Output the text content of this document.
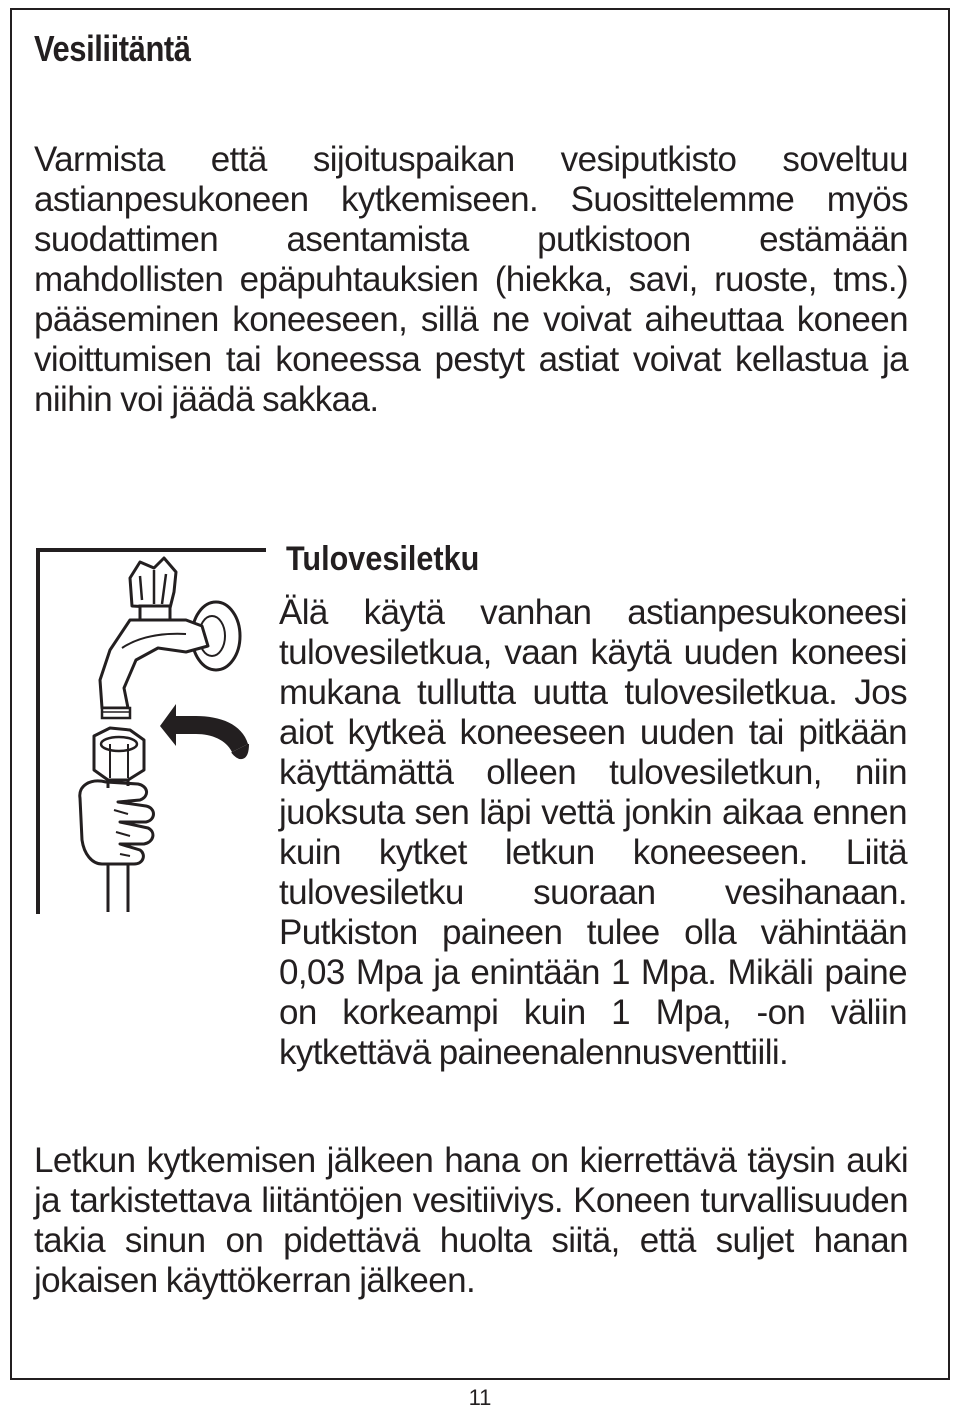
Vesiliitäntä

Varmista että sijoituspaikan vesiputkisto soveltuu astianpesukoneen kytkemiseen. Suosittelemme myös suodattimen asentamista putkistoon estämään mahdollisten epäpuhtauksien (hiekka, savi, ruoste, tms.) pääseminen koneeseen, sillä ne voivat aiheuttaa koneen vioittumisen tai koneessa pestyt astiat voivat kellastua ja niihin voi jäädä sakkaa.

Tulovesiletku

Älä käytä vanhan astianpesukoneesi tulovesiletkua, vaan käytä uuden koneesi mukana tullutta uutta tulovesiletkua. Jos aiot kytkeä koneeseen uuden tai pitkään käyttämättä olleen tulovesiletkun, niin juoksuta sen läpi vettä jonkin aikaa ennen kuin kytket letkun koneeseen. Liitä tulovesiletku suoraan vesihanaan. Putkiston paineen tulee olla vähintään 0,03 Mpa ja enintään 1 Mpa. Mikäli paine on korkeampi kuin 1 Mpa, -on väliin kytkettävä paineenalennusventtiili.

Letkun kytkemisen jälkeen hana on kierrettävä täysin auki ja tarkistettava liitäntöjen vesitiiviys. Koneen turvallisuuden takia sinun on pidettävä huolta siitä, että suljet hanan jokaisen käyttökerran jälkeen.

11
